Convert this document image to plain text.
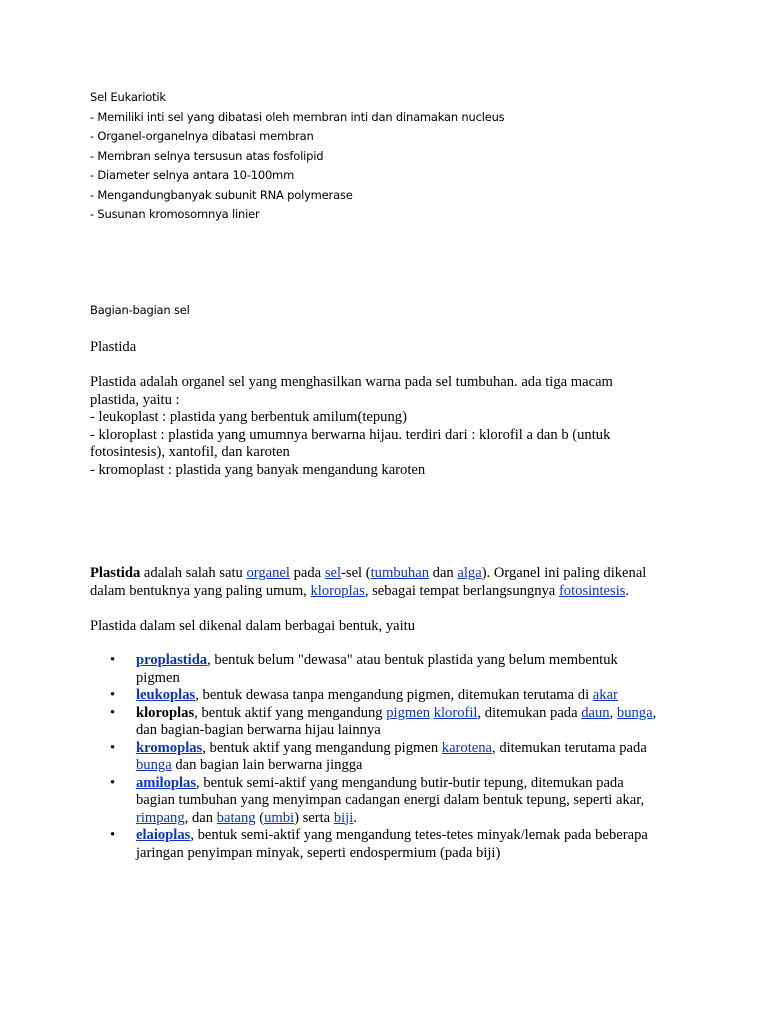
Sel Eukariotik
- Memiliki inti sel yang dibatasi oleh membran inti dan dinamakan nucleus
- Organel-organelnya dibatasi membran
- Membran selnya tersusun atas fosfolipid
- Diameter selnya antara 10-100mm
- Mengandungbanyak subunit RNA polymerase
- Susunan kromosomnya linier
Bagian-bagian sel
Plastida
Plastida adalah organel sel yang menghasilkan warna pada sel tumbuhan. ada tiga macam
plastida, yaitu :
- leukoplast : plastida yang berbentuk amilum(tepung)
- kloroplast : plastida yang umumnya berwarna hijau. terdiri dari : klorofil a dan b (untuk
fotosintesis), xantofil, dan karoten
- kromoplast : plastida yang banyak mengandung karoten
Plastida adalah salah satu organel pada sel-sel (tumbuhan dan alga). Organel ini paling dikenal
dalam bentuknya yang paling umum, kloroplas, sebagai tempat berlangsungnya fotosintesis.
Plastida dalam sel dikenal dalam berbagai bentuk, yaitu
• proplastida, bentuk belum "dewasa" atau bentuk plastida yang belum membentuk
pigmen
• leukoplas, bentuk dewasa tanpa mengandung pigmen, ditemukan terutama di akar
• kloroplas, bentuk aktif yang mengandung pigmen klorofil, ditemukan pada daun, bunga,
dan bagian-bagian berwarna hijau lainnya
• kromoplas, bentuk aktif yang mengandung pigmen karotena, ditemukan terutama pada
bunga dan bagian lain berwarna jingga
• amiloplas, bentuk semi-aktif yang mengandung butir-butir tepung, ditemukan pada
bagian tumbuhan yang menyimpan cadangan energi dalam bentuk tepung, seperti akar,
rimpang, dan batang (umbi) serta biji.
• elaioplas, bentuk semi-aktif yang mengandung tetes-tetes minyak/lemak pada beberapa
jaringan penyimpan minyak, seperti endospermium (pada biji)
